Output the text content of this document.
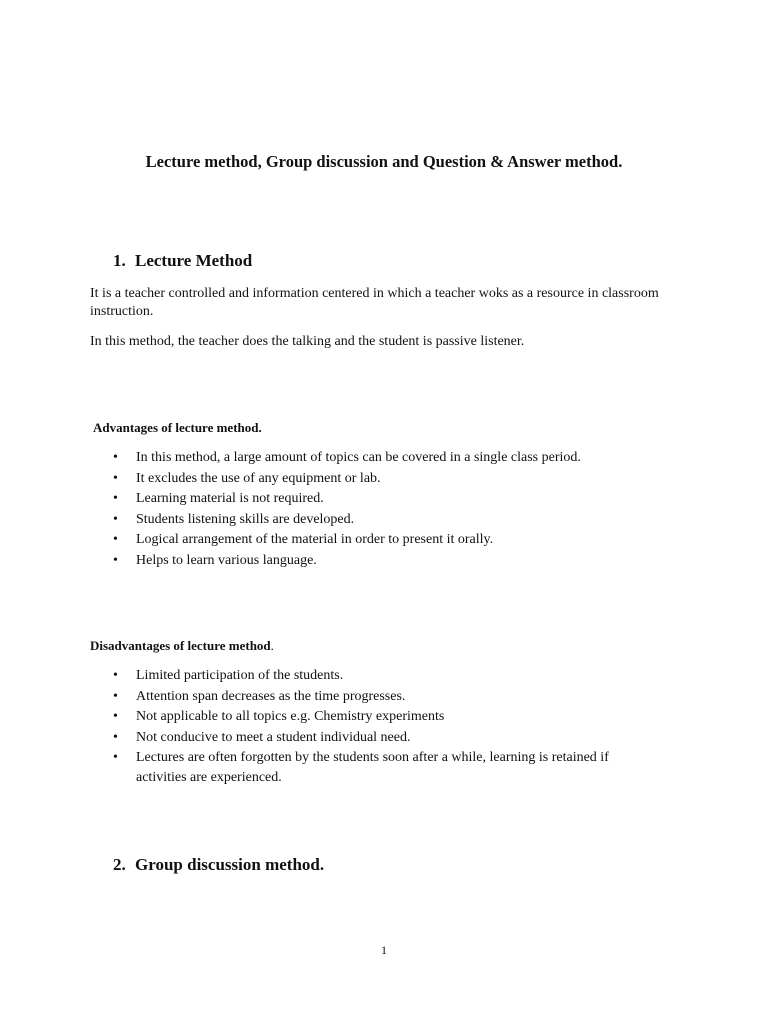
Lecture method, Group discussion and Question & Answer method.
1. Lecture Method

It is a teacher controlled and information centered in which a teacher woks as a resource in classroom instruction.

In this method, the teacher does the talking and the student is passive listener.

Advantages of lecture method.
• In this method, a large amount of topics can be covered in a single class period.
• It excludes the use of any equipment or lab.
• Learning material is not required.
• Students listening skills are developed.
• Logical arrangement of the material in order to present it orally.
• Helps to learn various language.
Disadvantages of lecture method.
• Limited participation of the students.
• Attention span decreases as the time progresses.
• Not applicable to all topics e.g. Chemistry experiments
• Not conducive to meet a student individual need.
• Lectures are often forgotten by the students soon after a while, learning is retained if activities are experienced.
2. Group discussion method.
1
